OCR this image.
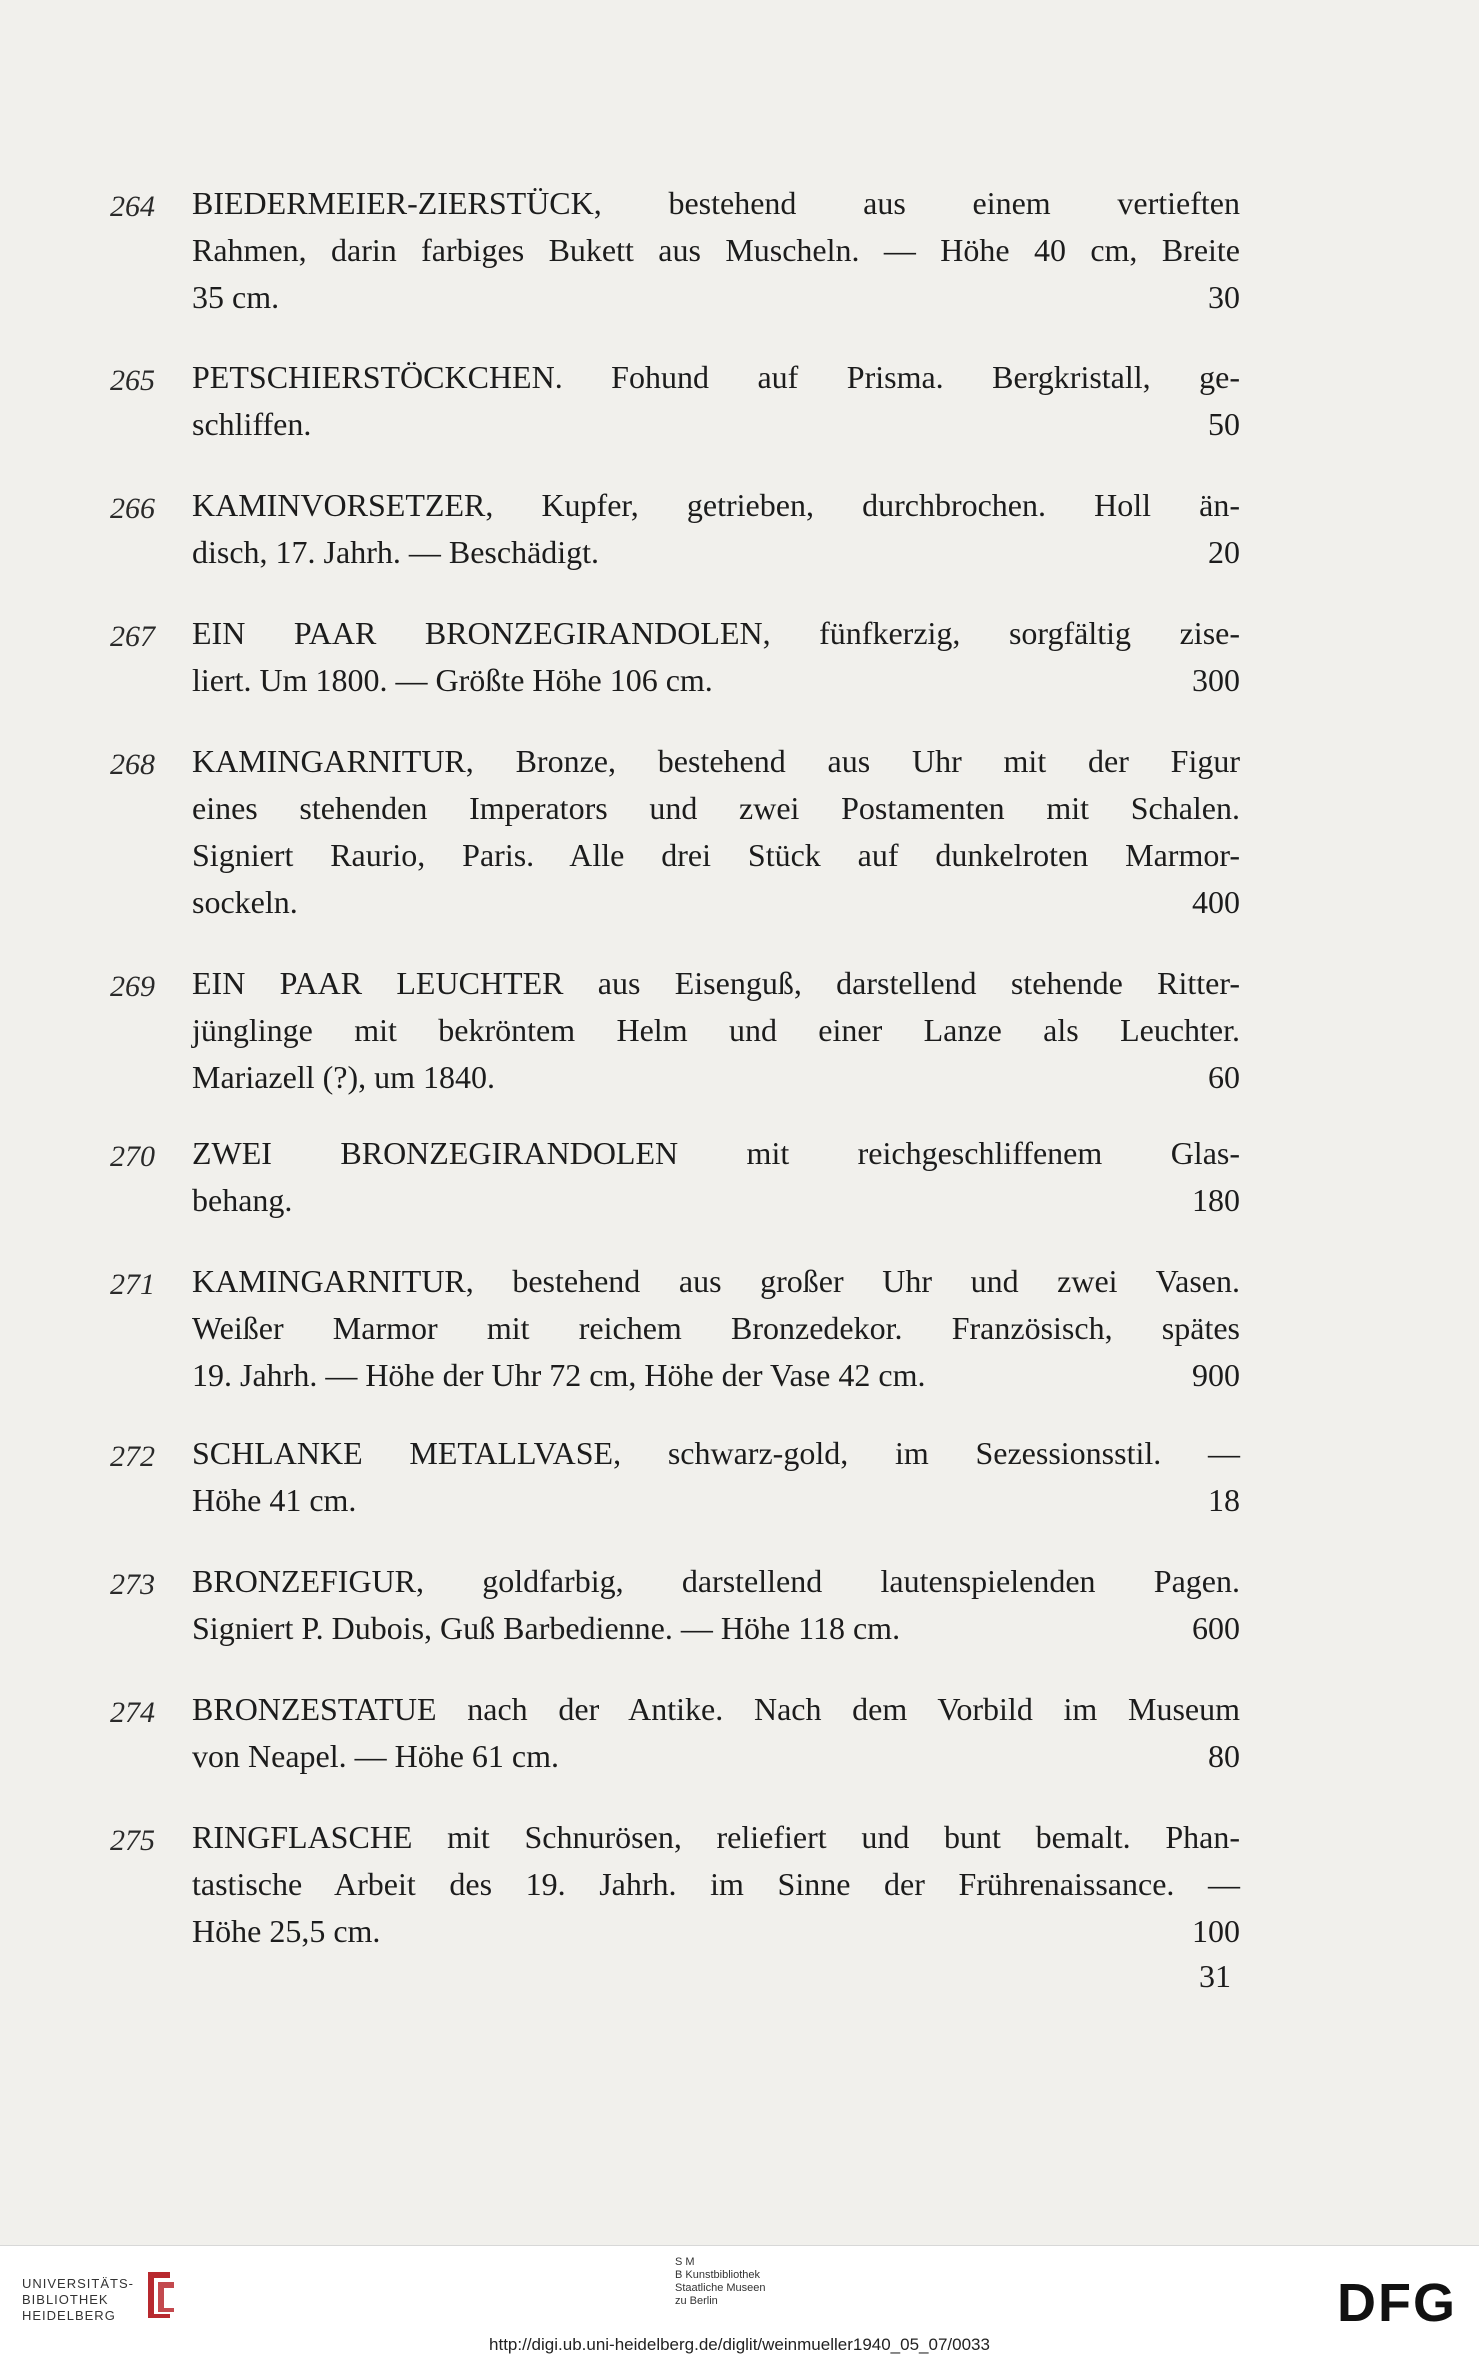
264	BIEDERMEIER-ZIERSTÜCK, bestehend aus einem vertieften
Rahmen, darin farbiges Bukett aus Muscheln. — Höhe 40 cm, Breite
35 cm.	30
265	PETSCHIERSTÖCKCHEN. Fohund auf Prisma. Bergkristall, ge-
schliffen.	50
266	KAMINVORSETZER, Kupfer, getrieben, durchbrochen. Holl än-
disch, 17. Jahrh. — Beschädigt.	20
267	EIN PAAR BRONZEGIRANDOLEN, fünfkerzig, sorgfältig zise-
liert. Um 1800. — Größte Höhe 106 cm.	300
268	KAMINGARNITUR, Bronze, bestehend aus Uhr mit der Figur
eines stehenden Imperators und zwei Postamenten mit Schalen.
Signiert Raurio, Paris. Alle drei Stück auf dunkelroten Marmor-
sockeln.	400
269	EIN PAAR LEUCHTER aus Eisenguß, darstellend stehende Ritter-
jünglinge mit bekröntem Helm und einer Lanze als Leuchter.
Mariazell (?), um 1840.	60
270	ZWEI BRONZEGIRANDOLEN mit reichgeschliffenem Glas-
behang.	180
271	KAMINGARNITUR, bestehend aus großer Uhr und zwei Vasen.
Weißer Marmor mit reichem Bronzedekor. Französisch, spätes
19. Jahrh. — Höhe der Uhr 72 cm, Höhe der Vase 42 cm.	900
272	SCHLANKE METALLVASE, schwarz-gold, im Sezessionsstil. —
Höhe 41 cm.	18
273	BRONZEFIGUR, goldfarbig, darstellend lautenspielenden Pagen.
Signiert P. Dubois, Guß Barbedienne. — Höhe 118 cm.	600
274	BRONZESTATUE nach der Antike. Nach dem Vorbild im Museum
von Neapel. — Höhe 61 cm.	80
275	RINGFLASCHE mit Schnurösen, reliefiert und bunt bemalt. Phan-
tastische Arbeit des 19. Jahrh. im Sinne der Frührenaissance. —
Höhe 25,5 cm.	100
31
UNIVERSITÄTS-
BIBLIOTHEK
HEIDELBERG
S M
B Kunstbibliothek
Staatliche Museen
zu Berlin	DFG
http://digi.ub.uni-heidelberg.de/diglit/weinmueller1940_05_07/0033
